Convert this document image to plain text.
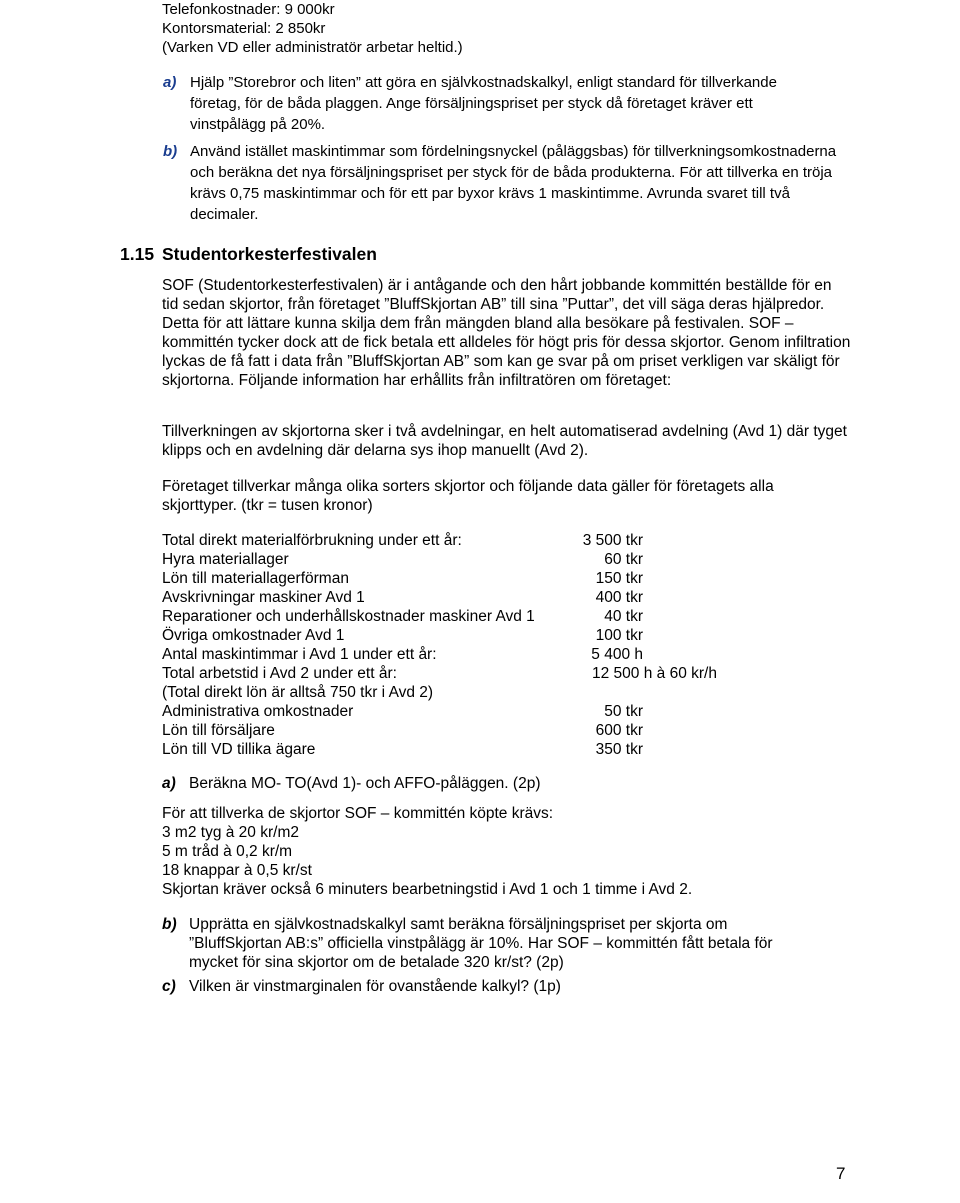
Telefonkostnader: 9 000kr
Kontorsmaterial: 2 850kr
(Varken VD eller administratör arbetar heltid.)
a) Hjälp ”Storebror och liten” att göra en självkostnadskalkyl, enligt standard för tillverkande företag, för de båda plaggen. Ange försäljningspriset per styck då företaget kräver ett vinstpålägg på 20%.
b) Använd istället maskintimmar som fördelningsnyckel (påläggsbas) för tillverkningsomkostnaderna och beräkna det nya försäljningspriset per styck för de båda produkterna. För att tillverka en tröja krävs 0,75 maskintimmar och för ett par byxor krävs 1 maskintimme. Avrunda svaret till två decimaler.
1.15 Studentorkesterfestivalen
SOF (Studentorkesterfestivalen) är i antågande och den hårt jobbande kommittén beställde för en tid sedan skjortor, från företaget ”BluffSkjortan AB” till sina ”Puttar”, det vill säga deras hjälpredor. Detta för att lättare kunna skilja dem från mängden bland alla besökare på festivalen. SOF – kommittén tycker dock att de fick betala ett alldeles för högt pris för dessa skjortor. Genom infiltration lyckas de få fatt i data från ”BluffSkjortan AB” som kan ge svar på om priset verkligen var skäligt för skjortorna. Följande information har erhållits från infiltratören om företaget:
Tillverkningen av skjortorna sker i två avdelningar, en helt automatiserad avdelning (Avd 1) där tyget klipps och en avdelning där delarna sys ihop manuellt (Avd 2).
Företaget tillverkar många olika sorters skjortor och följande data gäller för företagets alla skjorttyper. (tkr = tusen kronor)
Total direkt materialförbrukning under ett år:	3 500 tkr
Hyra materiallager	60 tkr
Lön till materiallagerförman	150 tkr
Avskrivningar maskiner Avd 1	400 tkr
Reparationer och underhållskostnader maskiner Avd 1	40 tkr
Övriga omkostnader Avd 1	100 tkr
Antal maskintimmar i Avd 1 under ett år:	5 400 h
Total arbetstid i Avd 2 under ett år:	12 500 h à 60 kr/h
(Total direkt lön är alltså 750 tkr i Avd 2)
Administrativa omkostnader	50 tkr
Lön till försäljare	600 tkr
Lön till VD tillika ägare	350 tkr
a) Beräkna MO- TO(Avd 1)- och AFFO-påläggen. (2p)
För att tillverka de skjortor SOF – kommittén köpte krävs:
3 m2 tyg à 20 kr/m2
5 m tråd à 0,2 kr/m
18 knappar à 0,5 kr/st
Skjortan kräver också 6 minuters bearbetningstid i Avd 1 och 1 timme i Avd 2.
b) Upprätta en självkostnadskalkyl samt beräkna försäljningspriset per skjorta om ”BluffSkjortan AB:s” officiella vinstpålägg är 10%. Har SOF – kommittén fått betala för mycket för sina skjortor om de betalade 320 kr/st? (2p)
c) Vilken är vinstmarginalen för ovanstående kalkyl? (1p)
7
